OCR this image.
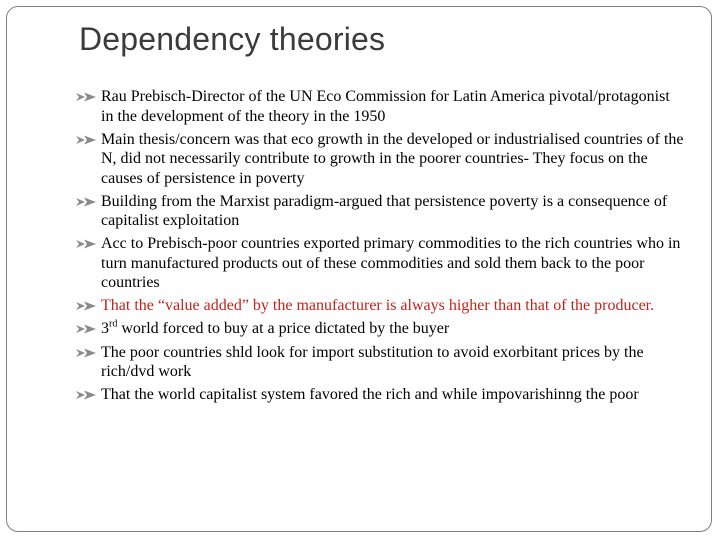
Dependency theories
Rau Prebisch-Director of the UN Eco Commission for Latin America pivotal/protagonist in the development of the theory in the 1950
Main thesis/concern was that eco growth in the developed or industrialised countries of the N, did not necessarily contribute to growth in the poorer countries- They focus on the causes of persistence in poverty
Building from the Marxist paradigm-argued that persistence poverty is a consequence of capitalist exploitation
Acc to Prebisch-poor countries exported primary commodities to the rich countries who in turn manufactured products out of these commodities and sold them back to the poor countries
That the “value added” by the manufacturer is always higher than that of the producer.
3rd world forced to buy at a price dictated by the buyer
The poor countries shld look for import substitution to avoid exorbitant prices by the rich/dvd work
That the world capitalist system favored the rich and while impovarishinng the poor
